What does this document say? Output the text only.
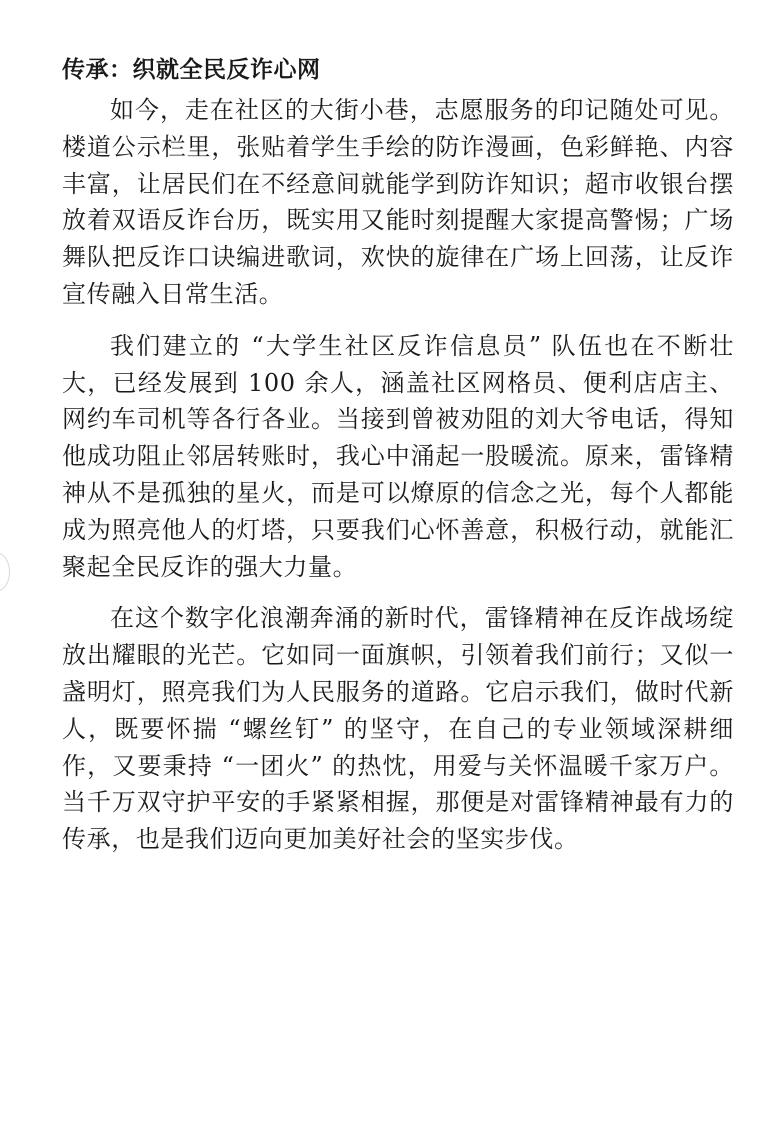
传承：织就全民反诈心网

如今，走在社区的大街小巷，志愿服务的印记随处可见。楼道公示栏里，张贴着学生手绘的防诈漫画，色彩鲜艳、内容丰富，让居民们在不经意间就能学到防诈知识；超市收银台摆放着双语反诈台历，既实用又能时刻提醒大家提高警惕；广场舞队把反诈口诀编进歌词，欢快的旋律在广场上回荡，让反诈宣传融入日常生活。

我们建立的 “大学生社区反诈信息员” 队伍也在不断壮大，已经发展到 100 余人，涵盖社区网格员、便利店店主、网约车司机等各行各业。当接到曾被劝阻的刘大爷电话，得知他成功阻止邻居转账时，我心中涌起一股暖流。原来，雷锋精神从不是孤独的星火，而是可以燎原的信念之光，每个人都能成为照亮他人的灯塔，只要我们心怀善意，积极行动，就能汇聚起全民反诈的强大力量。

在这个数字化浪潮奔涌的新时代，雷锋精神在反诈战场绽放出耀眼的光芒。它如同一面旗帜，引领着我们前行；又似一盏明灯，照亮我们为人民服务的道路。它启示我们，做时代新人，既要怀揣 “螺丝钉” 的坚守，在自己的专业领域深耕细作，又要秉持 “一团火” 的热忱，用爱与关怀温暖千家万户。当千万双守护平安的手紧紧相握，那便是对雷锋精神最有力的传承，也是我们迈向更加美好社会的坚实步伐。
